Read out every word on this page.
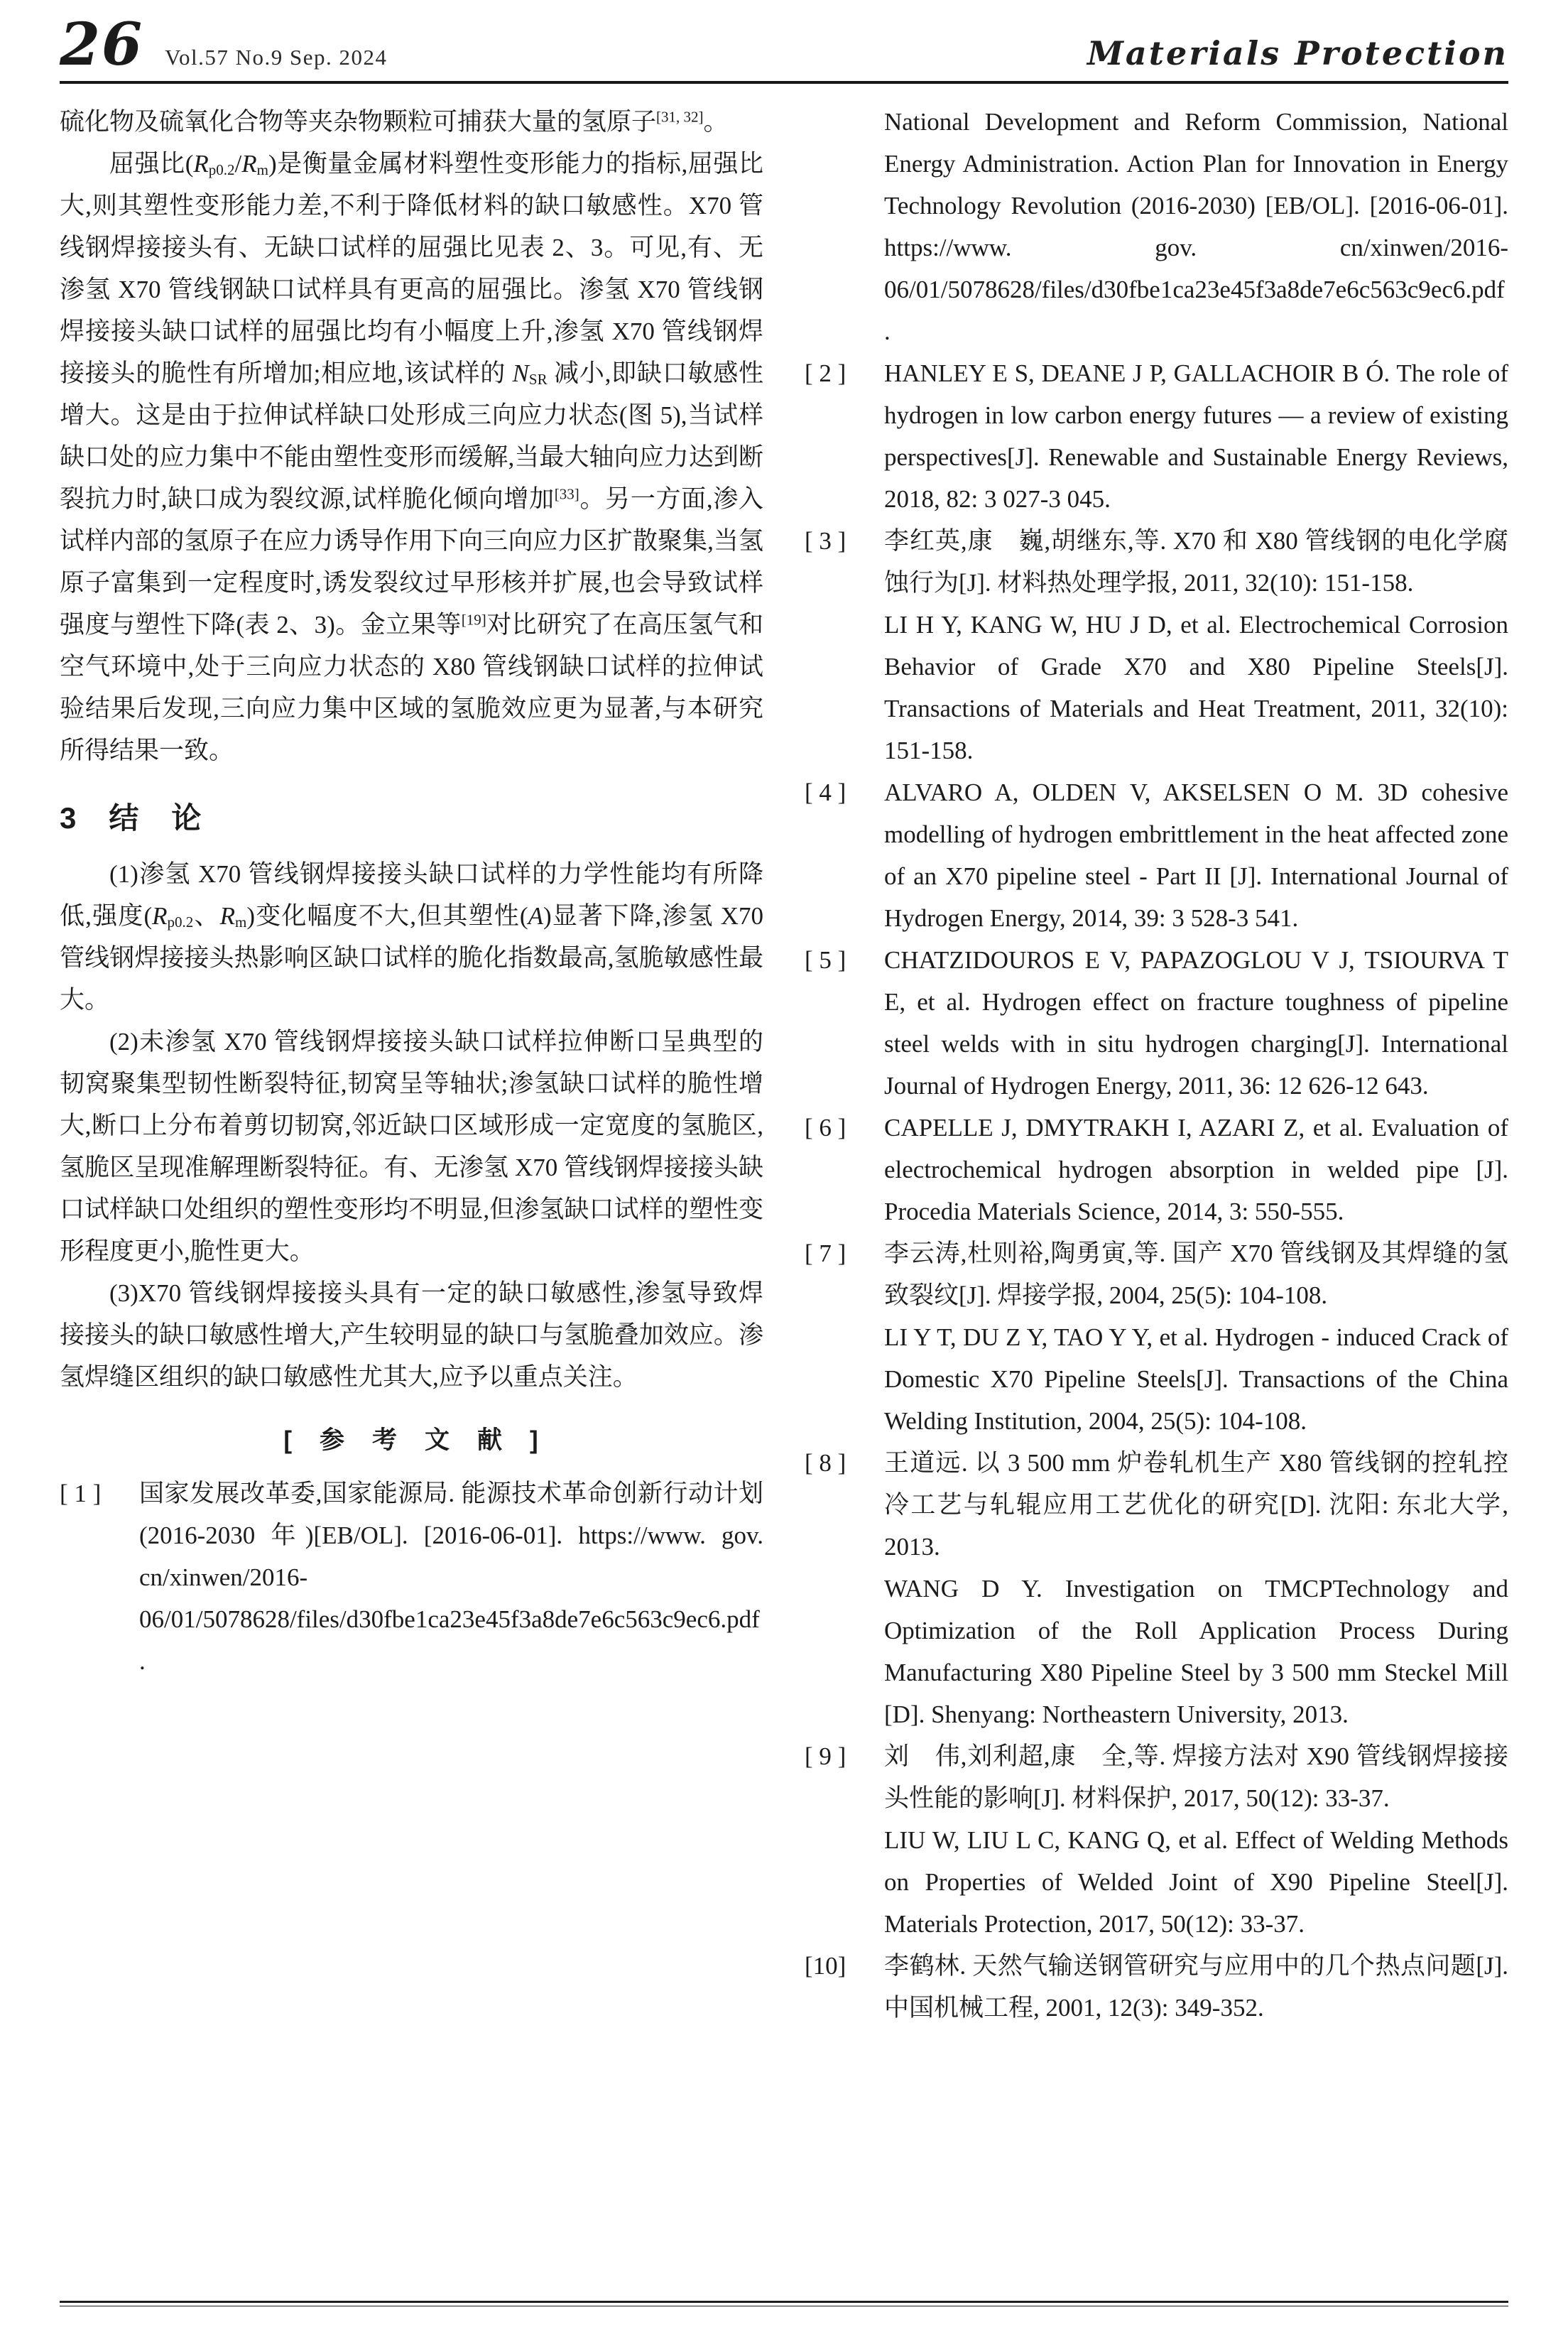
26 Vol.57 No.9 Sep. 2024	Materials Protection

硫化物及硫氧化合物等夹杂物颗粒可捕获大量的氢原子[31, 32]。

屈强比$(R_{p0.2}/R_m)$是衡量金属材料塑性变形能力的指标,屈强比大,则其塑性变形能力差,不利于降低材料的缺口敏感性。X70 管线钢焊接接头有、无缺口试样的屈强比见表 2、3。可见,有、无渗氢 X70 管线钢缺口试样具有更高的屈强比。渗氢 X70 管线钢焊接接头缺口试样的屈强比均有小幅度上升,渗氢 X70 管线钢焊接接头的脆性有所增加;相应地,该试样的 $N_{SR}$ 减小,即缺口敏感性增大。这是由于拉伸试样缺口处形成三向应力状态(图 5),当试样缺口处的应力集中不能由塑性变形而缓解,当最大轴向应力达到断裂抗力时,缺口成为裂纹源,试样脆化倾向增加[33]。另一方面,渗入试样内部的氢原子在应力诱导作用下向三向应力区扩散聚集,当氢原子富集到一定程度时,诱发裂纹过早形核并扩展,也会导致试样强度与塑性下降(表 2、3)。金立果等[19]对比研究了在高压氢气和空气环境中,处于三向应力状态的 X80 管线钢缺口试样的拉伸试验结果后发现,三向应力集中区域的氢脆效应更为显著,与本研究所得结果一致。

3　结　论

(1)渗氢 X70 管线钢焊接接头缺口试样的力学性能均有所降低,强度($R_{p0.2}$、$R_m$)变化幅度不大,但其塑性(A)显著下降,渗氢 X70 管线钢焊接接头热影响区缺口试样的脆化指数最高,氢脆敏感性最大。

(2)未渗氢 X70 管线钢焊接接头缺口试样拉伸断口呈典型的韧窝聚集型韧性断裂特征,韧窝呈等轴状;渗氢缺口试样的脆性增大,断口上分布着剪切韧窝,邻近缺口区域形成一定宽度的氢脆区,氢脆区呈现准解理断裂特征。有、无渗氢 X70 管线钢焊接接头缺口试样缺口处组织的塑性变形均不明显,但渗氢缺口试样的塑性变形程度更小,脆性更大。

(3)X70 管线钢焊接接头具有一定的缺口敏感性,渗氢导致焊接接头的缺口敏感性增大,产生较明显的缺口与氢脆叠加效应。渗氢焊缝区组织的缺口敏感性尤其大,应予以重点关注。

[　参　考　文　献　]
[ 1 ]	国家发展改革委,国家能源局. 能源技术革命创新行动计划(2016-2030 年)[EB/OL]. [2016-06-01]. https://www. gov. cn/xinwen/2016-06/01/5078628/files/d30fbe1ca23e45f3a8de7e6c563c9ec6.pdf.
National Development and Reform Commission, National Energy Administration. Action Plan for Innovation in Energy Technology Revolution (2016-2030) [EB/OL]. [2016-06-01]. https://www. gov. cn/xinwen/2016-06/01/5078628/files/d30fbe1ca23e45f3a8de7e6c563c9ec6.pdf.
[ 2 ]	HANLEY E S, DEANE J P, GALLACHOIR B Ó. The role of hydrogen in low carbon energy futures — a review of existing perspectives[J]. Renewable and Sustainable Energy Reviews, 2018, 82: 3 027-3 045.
[ 3 ]	李红英,康　巍,胡继东,等. X70 和 X80 管线钢的电化学腐蚀行为[J]. 材料热处理学报, 2011, 32(10): 151-158.
LI H Y, KANG W, HU J D, et al. Electrochemical Corrosion Behavior of Grade X70 and X80 Pipeline Steels[J]. Transactions of Materials and Heat Treatment, 2011, 32(10): 151-158.
[ 4 ]	ALVARO A, OLDEN V, AKSELSEN O M. 3D cohesive modelling of hydrogen embrittlement in the heat affected zone of an X70 pipeline steel - Part II [J]. International Journal of Hydrogen Energy, 2014, 39: 3 528-3 541.
[ 5 ]	CHATZIDOUROS E V, PAPAZOGLOU V J, TSIOURVA T E, et al. Hydrogen effect on fracture toughness of pipeline steel welds with in situ hydrogen charging[J]. International Journal of Hydrogen Energy, 2011, 36: 12 626-12 643.
[ 6 ]	CAPELLE J, DMYTRAKH I, AZARI Z, et al. Evaluation of electrochemical hydrogen absorption in welded pipe [J]. Procedia Materials Science, 2014, 3: 550-555.
[ 7 ]	李云涛,杜则裕,陶勇寅,等. 国产 X70 管线钢及其焊缝的氢致裂纹[J]. 焊接学报, 2004, 25(5): 104-108.
LI Y T, DU Z Y, TAO Y Y, et al. Hydrogen - induced Crack of Domestic X70 Pipeline Steels[J]. Transactions of the China Welding Institution, 2004, 25(5): 104-108.
[ 8 ]	王道远. 以 3 500 mm 炉卷轧机生产 X80 管线钢的控轧控冷工艺与轧辊应用工艺优化的研究[D]. 沈阳: 东北大学, 2013.
WANG D Y. Investigation on TMCPTechnology and Optimization of the Roll Application Process During Manufacturing X80 Pipeline Steel by 3 500 mm Steckel Mill [D]. Shenyang: Northeastern University, 2013.
[ 9 ]	刘　伟,刘利超,康　全,等. 焊接方法对 X90 管线钢焊接接头性能的影响[J]. 材料保护, 2017, 50(12): 33-37.
LIU W, LIU L C, KANG Q, et al. Effect of Welding Methods on Properties of Welded Joint of X90 Pipeline Steel[J]. Materials Protection, 2017, 50(12): 33-37.
[10]	李鹤林. 天然气输送钢管研究与应用中的几个热点问题[J]. 中国机械工程, 2001, 12(3): 349-352.
